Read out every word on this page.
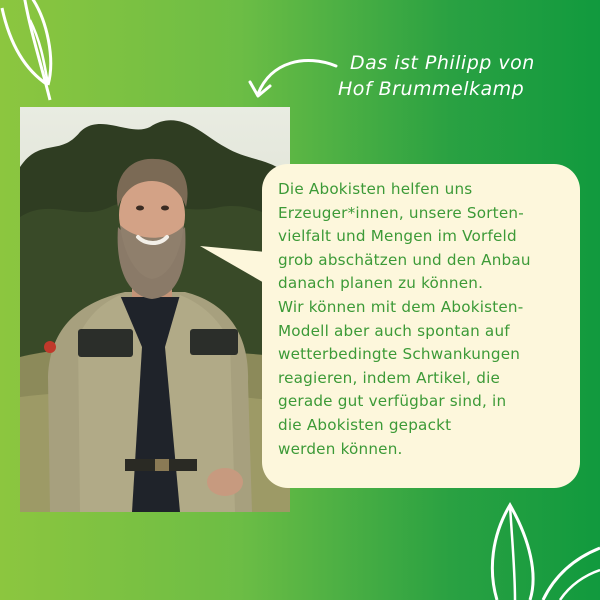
Das ist Philipp von
Hof Brummelkamp
Die Abokisten helfen uns
Erzeuger*innen, unsere Sorten-
vielfalt und Mengen im Vorfeld
grob abschätzen und den Anbau
danach planen zu können.
Wir können mit dem Abokisten-
Modell aber auch spontan auf
wetterbedingte Schwankungen
reagieren, indem Artikel, die
gerade gut verfügbar sind, in
die Abokisten gepackt
werden können.
